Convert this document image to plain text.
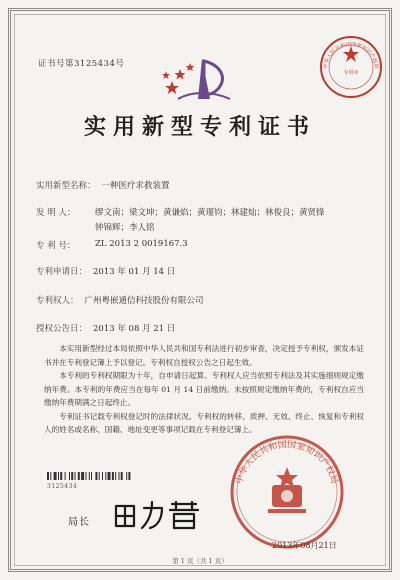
证书号第3125434号
专用章
中华人民共和国国家知识产权局
实用新型专利证书
实用新型名称： 一种医疗求救装置
发 明 人： 缪文南；梁文坤；黄谦焰；黄瑾钧；林建灿；林俊良；黄贤锋
钟锦辉；李人铭
专 利 号： ZL 2013 2 0019167.3
专利申请日： 2013 年 01 月 14 日
专利权人： 广州粤嵌通信科技股份有限公司
授权公告日： 2013 年 08 月 21 日

本实用新型经过本局依照中华人民共和国专利法进行初步审查，决定授予专利权，颁发本证书并在专利登记簿上予以登记。专利权自授权公告之日起生效。

本专利的专利权期限为十年，自申请日起算。专利权人应当依照专利法及其实施细则规定缴纳年费。本专利的年费应当在每年 01 月 14 日前缴纳。未按照规定缴纳年费的，专利权自应当缴纳年费期满之日起终止。

专利证书记载专利权登记时的法律状况。专利权的转移、质押、无效、终止、恢复和专利权人的姓名或名称、国籍、地址变更等事项记载在专利登记簿上。

3125434
局长
中华人民共和国国家知识产权局
2013年08月21日
第 1 页（共 1 页）
